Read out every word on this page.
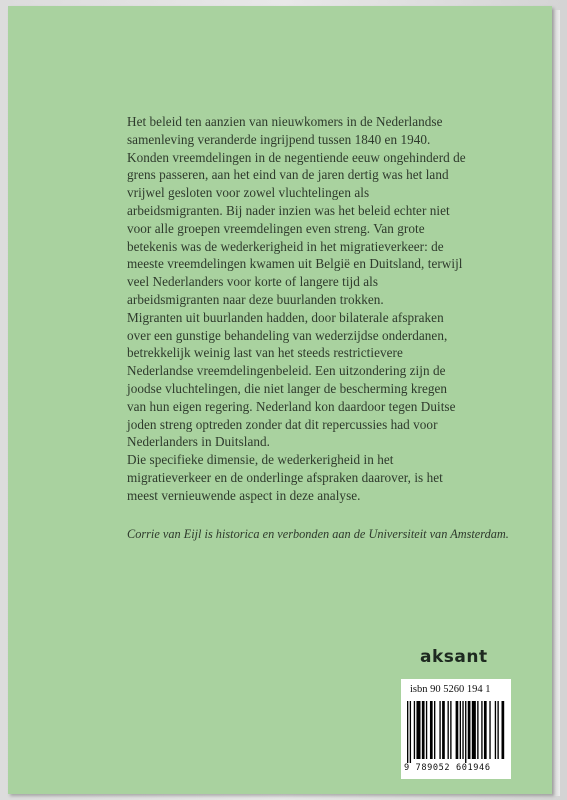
Het beleid ten aanzien van nieuwkomers in de Nederlandse samenleving veranderde ingrijpend tussen 1840 en 1940. Konden vreemdelingen in de negentiende eeuw ongehinderd de grens passeren, aan het eind van de jaren dertig was het land vrijwel gesloten voor zowel vluchtelingen als arbeidsmigranten. Bij nader inzien was het beleid echter niet voor alle groepen vreemdelingen even streng. Van grote betekenis was de wederkerigheid in het migratieverkeer: de meeste vreemdelingen kwamen uit België en Duitsland, terwijl veel Nederlanders voor korte of langere tijd als arbeidsmigranten naar deze buurlanden trokken.

Migranten uit buurlanden hadden, door bilaterale afspraken over een gunstige behandeling van wederzijdse onderdanen, betrekkelijk weinig last van het steeds restrictievere Nederlandse vreemdelingenbeleid. Een uitzondering zijn de joodse vluchtelingen, die niet langer de bescherming kregen van hun eigen regering. Nederland kon daardoor tegen Duitse joden streng optreden zonder dat dit repercussies had voor Nederlanders in Duitsland.

Die specifieke dimensie, de wederkerigheid in het migratieverkeer en de onderlinge afspraken daarover, is het meest vernieuwende aspect in deze analyse.

Corrie van Eijl is historica en verbonden aan de Universiteit van Amsterdam.
aksant
isbn 90 5260 194 1
9 789052 601946
